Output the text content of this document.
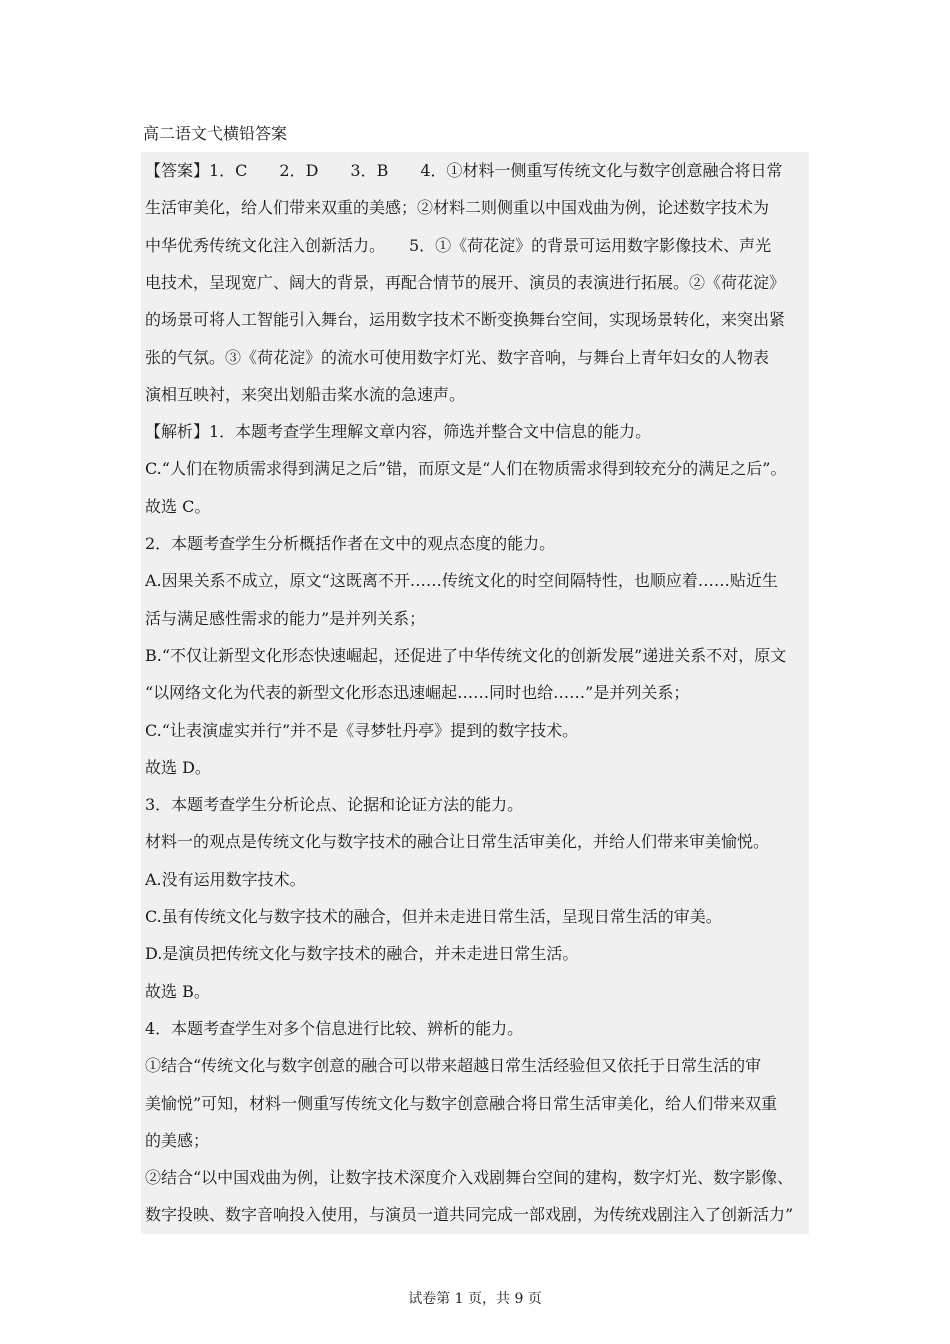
高二语文弋横铅答案
【答案】1．C　　2．D　　3．B　　4．①材料一侧重写传统文化与数字创意融合将日常
生活审美化，给人们带来双重的美感；②材料二则侧重以中国戏曲为例，论述数字技术为
中华优秀传统文化注入创新活力。　　5．①《荷花淀》的背景可运用数字影像技术、声光
电技术，呈现宽广、阔大的背景，再配合情节的展开、演员的表演进行拓展。②《荷花淀》
的场景可将人工智能引入舞台，运用数字技术不断变换舞台空间，实现场景转化，来突出紧
张的气氛。③《荷花淀》的流水可使用数字灯光、数字音响，与舞台上青年妇女的人物表
演相互映衬，来突出划船击桨水流的急速声。
【解析】1．本题考查学生理解文章内容，筛选并整合文中信息的能力。
C.“人们在物质需求得到满足之后”错，而原文是“人们在物质需求得到较充分的满足之后”。
故选 C。
2．本题考查学生分析概括作者在文中的观点态度的能力。
A.因果关系不成立，原文“这既离不开……传统文化的时空间隔特性，也顺应着……贴近生
活与满足感性需求的能力”是并列关系；
B.“不仅让新型文化形态快速崛起，还促进了中华传统文化的创新发展”递进关系不对，原文
“以网络文化为代表的新型文化形态迅速崛起……同时也给……”是并列关系；
C.“让表演虚实并行”并不是《寻梦牡丹亭》提到的数字技术。
故选 D。
3．本题考查学生分析论点、论据和论证方法的能力。
材料一的观点是传统文化与数字技术的融合让日常生活审美化，并给人们带来审美愉悦。
A.没有运用数字技术。
C.虽有传统文化与数字技术的融合，但并未走进日常生活，呈现日常生活的审美。
D.是演员把传统文化与数字技术的融合，并未走进日常生活。
故选 B。
4．本题考查学生对多个信息进行比较、辨析的能力。
①结合“传统文化与数字创意的融合可以带来超越日常生活经验但又依托于日常生活的审
美愉悦”可知，材料一侧重写传统文化与数字创意融合将日常生活审美化，给人们带来双重
的美感；
②结合“以中国戏曲为例，让数字技术深度介入戏剧舞台空间的建构，数字灯光、数字影像、
数字投映、数字音响投入使用，与演员一道共同完成一部戏剧，为传统戏剧注入了创新活力”
试卷第 1 页，共 9 页
